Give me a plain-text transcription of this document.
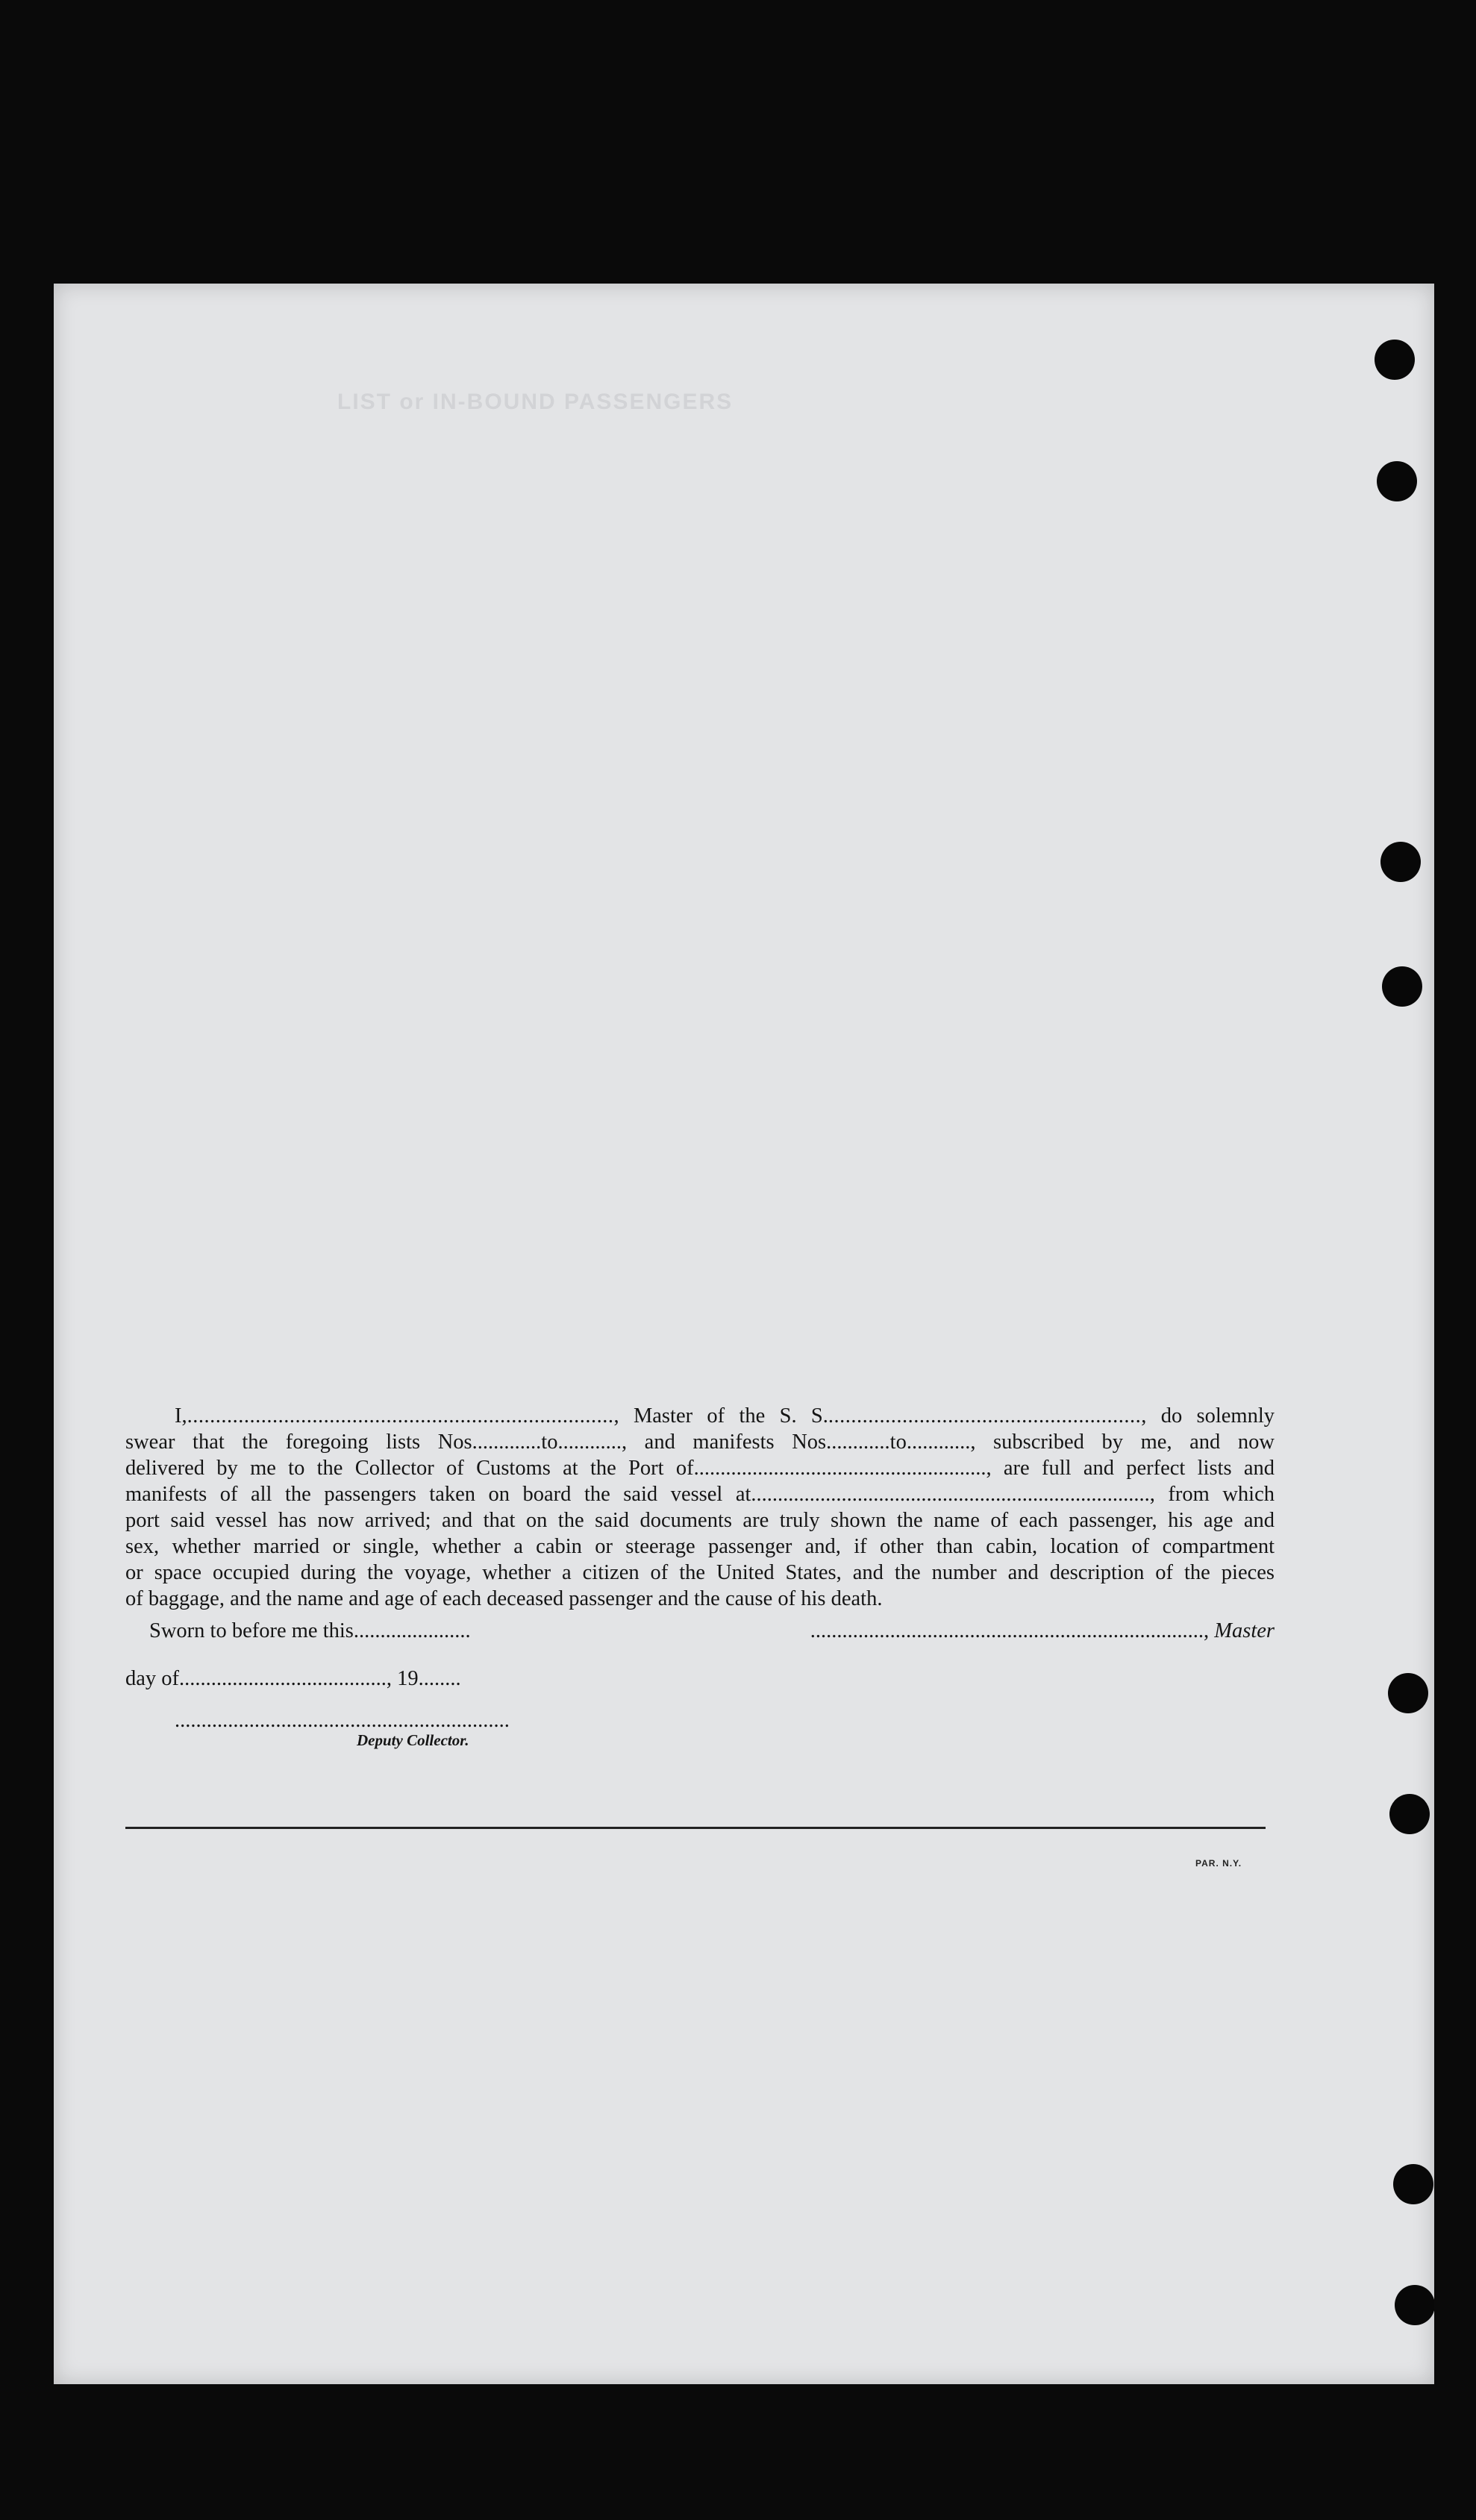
LIST or IN-BOUND PASSENGERS
I,..........................................................................., Master of the S. S........................................................, do solemnly
swear that the foregoing lists Nos.............to............, and manifests Nos............to............, subscribed by me, and now
delivered by me to the Collector of Customs at the Port of......................................................., are full and perfect lists and
manifests of all the passengers taken on board the said vessel at..........................................................................., from which
port said vessel has now arrived; and that on the said documents are truly shown the name of each passenger, his age and
sex, whether married or single, whether a cabin or steerage passenger and, if other than cabin, location of compartment
or space occupied during the voyage, whether a citizen of the United States, and the number and description of the pieces
of baggage, and the name and age of each deceased passenger and the cause of his death.
Sworn to before me this......................	.........................................................................., Master
day of......................................., 19........
...............................................................
Deputy Collector.
PAR. N.Y.
